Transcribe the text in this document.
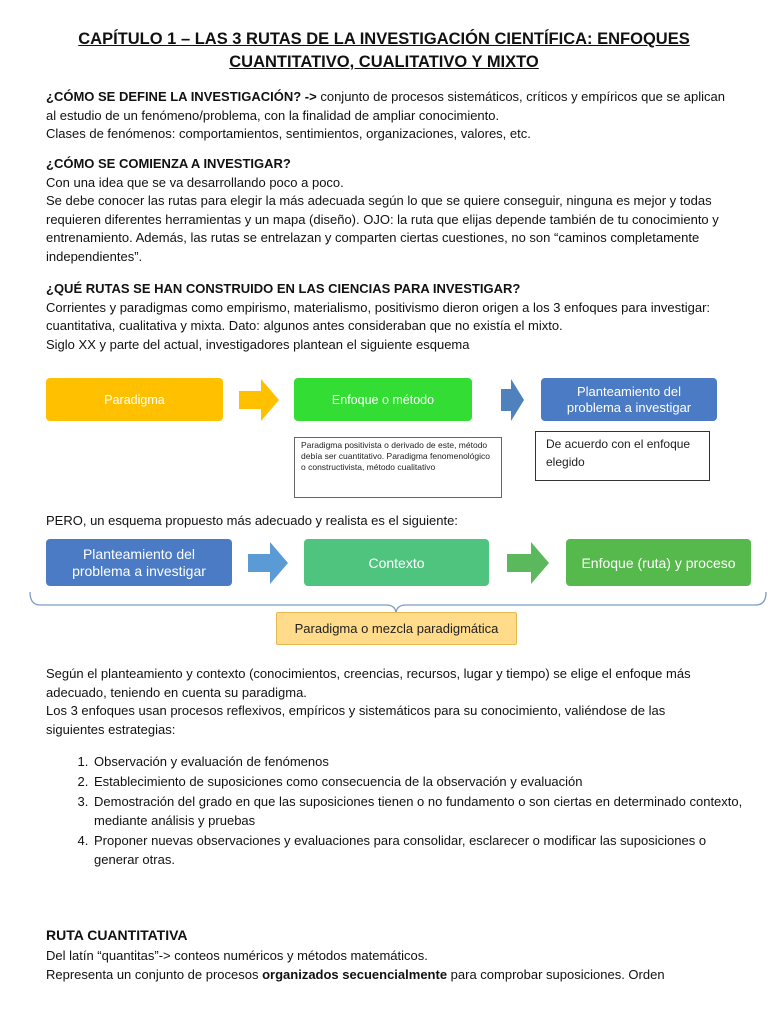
CAPÍTULO 1 – LAS 3 RUTAS DE LA INVESTIGACIÓN CIENTÍFICA: ENFOQUES CUANTITATIVO, CUALITATIVO Y MIXTO
¿CÓMO SE DEFINE LA INVESTIGACIÓN? -> conjunto de procesos sistemáticos, críticos y empíricos que se aplican al estudio de un fenómeno/problema, con la finalidad de ampliar conocimiento.
Clases de fenómenos: comportamientos, sentimientos, organizaciones, valores, etc.
¿CÓMO SE COMIENZA A INVESTIGAR?
Con una idea que se va desarrollando poco a poco.
Se debe conocer las rutas para elegir la más adecuada según lo que se quiere conseguir, ninguna es mejor y todas requieren diferentes herramientas y un mapa (diseño). OJO: la ruta que elijas depende también de tu conocimiento y entrenamiento. Además, las rutas se entrelazan y comparten ciertas cuestiones, no son “caminos completamente independientes”.
¿QUÉ RUTAS SE HAN CONSTRUIDO EN LAS CIENCIAS PARA INVESTIGAR?
Corrientes y paradigmas como empirismo, materialismo, positivismo dieron origen a los 3 enfoques para investigar: cuantitativa, cualitativa y mixta. Dato: algunos antes consideraban que no existía el mixto.
Siglo XX y parte del actual, investigadores plantean el siguiente esquema
Paradigma	Enfoque o método
Planteamiento del problema a investigar
Paradigma positivista o derivado de este, método debía ser cuantitativo. Paradigma fenomenológico o constructivista, método cualitativo
De acuerdo con el enfoque elegido
PERO, un esquema propuesto más adecuado y realista es el siguiente:
Planteamiento del problema a investigar	Contexto	Enfoque (ruta) y proceso
Paradigma o mezcla paradigmática
Según el planteamiento y contexto (conocimientos, creencias, recursos, lugar y tiempo) se elige el enfoque más adecuado, teniendo en cuenta su paradigma.
Los 3 enfoques usan procesos reflexivos, empíricos y sistemáticos para su conocimiento, valiéndose de las siguientes estrategias:
1. Observación y evaluación de fenómenos
2. Establecimiento de suposiciones como consecuencia de la observación y evaluación
3. Demostración del grado en que las suposiciones tienen o no fundamento o son ciertas en determinado contexto, mediante análisis y pruebas
4. Proponer nuevas observaciones y evaluaciones para consolidar, esclarecer o modificar las suposiciones o generar otras.
RUTA CUANTITATIVA
Del latín “quantitas”-> conteos numéricos y métodos matemáticos.
Representa un conjunto de procesos organizados secuencialmente para comprobar suposiciones. Orden
